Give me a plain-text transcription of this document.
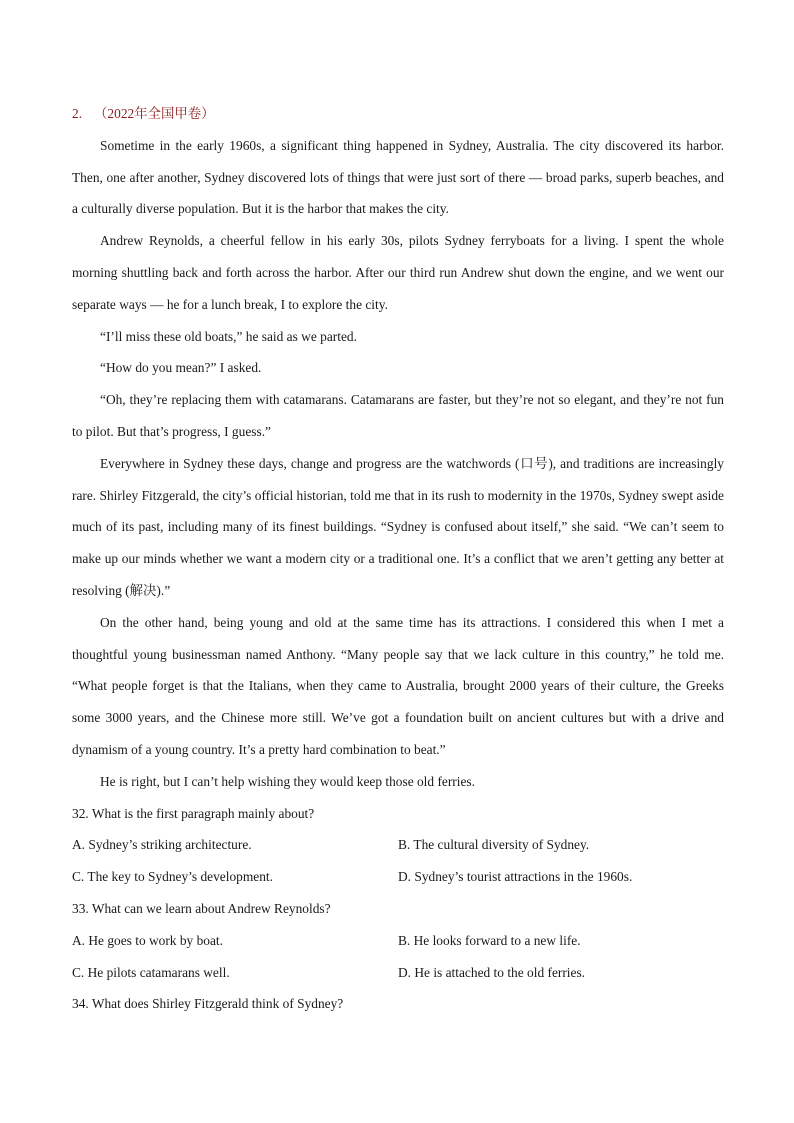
2. （2022年全国甲卷）

Sometime in the early 1960s, a significant thing happened in Sydney, Australia. The city discovered its harbor. Then, one after another, Sydney discovered lots of things that were just sort of there — broad parks, superb beaches, and a culturally diverse population. But it is the harbor that makes the city.

Andrew Reynolds, a cheerful fellow in his early 30s, pilots Sydney ferryboats for a living. I spent the whole morning shuttling back and forth across the harbor. After our third run Andrew shut down the engine, and we went our separate ways — he for a lunch break, I to explore the city.

“I’ll miss these old boats,” he said as we parted.

“How do you mean?” I asked.

“Oh, they’re replacing them with catamarans. Catamarans are faster, but they’re not so elegant, and they’re not fun to pilot. But that’s progress, I guess.”

Everywhere in Sydney these days, change and progress are the watchwords (口号), and traditions are increasingly rare. Shirley Fitzgerald, the city’s official historian, told me that in its rush to modernity in the 1970s, Sydney swept aside much of its past, including many of its finest buildings. “Sydney is confused about itself,” she said. “We can’t seem to make up our minds whether we want a modern city or a traditional one. It’s a conflict that we aren’t getting any better at resolving (解决).”

On the other hand, being young and old at the same time has its attractions. I considered this when I met a thoughtful young businessman named Anthony. “Many people say that we lack culture in this country,” he told me. “What people forget is that the Italians, when they came to Australia, brought 2000 years of their culture, the Greeks some 3000 years, and the Chinese more still. We’ve got a foundation built on ancient cultures but with a drive and dynamism of a young country. It’s a pretty hard combination to beat.”

He is right, but I can’t help wishing they would keep those old ferries.

32. What is the first paragraph mainly about?

A. Sydney’s striking architecture.	B. The cultural diversity of Sydney.
C. The key to Sydney’s development.	D. Sydney’s tourist attractions in the 1960s.

33. What can we learn about Andrew Reynolds?

A. He goes to work by boat.	B. He looks forward to a new life.
C. He pilots catamarans well.	D. He is attached to the old ferries.

34. What does Shirley Fitzgerald think of Sydney?
